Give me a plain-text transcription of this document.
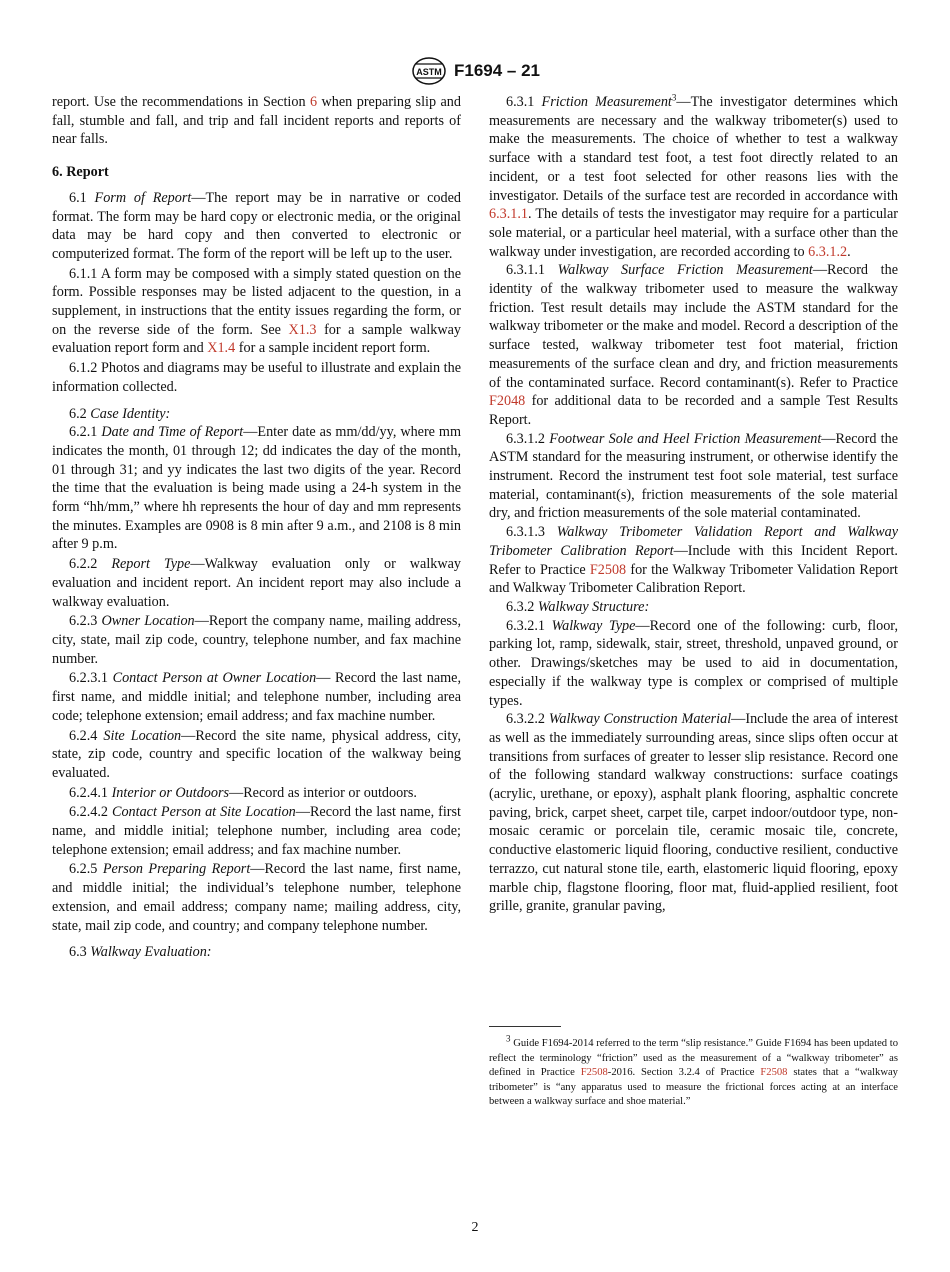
ASTM F1694 – 21

report. Use the recommendations in Section 6 when preparing slip and fall, stumble and fall, and trip and fall incident reports and reports of near falls.

6. Report

6.1 Form of Report—The report may be in narrative or coded format. The form may be hard copy or electronic media, or the original data may be hard copy and then converted to electronic or computerized format. The form of the report will be left up to the user.

6.1.1 A form may be composed with a simply stated question on the form. Possible responses may be listed adjacent to the question, in a supplement, in instructions that the entity issues regarding the form, or on the reverse side of the form. See X1.3 for a sample walkway evaluation report form and X1.4 for a sample incident report form.

6.1.2 Photos and diagrams may be useful to illustrate and explain the information collected.

6.2 Case Identity:

6.2.1 Date and Time of Report—Enter date as mm/dd/yy, where mm indicates the month, 01 through 12; dd indicates the day of the month, 01 through 31; and yy indicates the last two digits of the year. Record the time that the evaluation is being made using a 24-h system in the form “hh/mm,” where hh represents the hour of day and mm represents the minutes. Examples are 0908 is 8 min after 9 a.m., and 2108 is 8 min after 9 p.m.

6.2.2 Report Type—Walkway evaluation only or walkway evaluation and incident report. An incident report may also include a walkway evaluation.

6.2.3 Owner Location—Report the company name, mailing address, city, state, mail zip code, country, telephone number, and fax machine number.

6.2.3.1 Contact Person at Owner Location— Record the last name, first name, and middle initial; and telephone number, including area code; telephone extension; email address; and fax machine number.

6.2.4 Site Location—Record the site name, physical address, city, state, zip code, country and specific location of the walkway being evaluated.

6.2.4.1 Interior or Outdoors—Record as interior or outdoors.

6.2.4.2 Contact Person at Site Location—Record the last name, first name, and middle initial; telephone number, including area code; telephone extension; email address; and fax machine number.

6.2.5 Person Preparing Report—Record the last name, first name, and middle initial; the individual’s telephone number, telephone extension, and email address; company name; mailing address, city, state, mail zip code, and country; and company telephone number.

6.3 Walkway Evaluation:

6.3.1 Friction Measurement$^3$—The investigator determines which measurements are necessary and the walkway tribometer(s) used to make the measurements. The choice of whether to test a walkway surface with a standard test foot, a test foot directly related to an incident, or a test foot selected for other reasons lies with the investigator. Details of the surface test are recorded in accordance with 6.3.1.1. The details of tests the investigator may require for a particular sole material, or a particular heel material, with a surface other than the walkway under investigation, are recorded according to 6.3.1.2.

6.3.1.1 Walkway Surface Friction Measurement—Record the identity of the walkway tribometer used to measure the walkway friction. Test result details may include the ASTM standard for the walkway tribometer or the make and model. Record a description of the surface tested, walkway tribometer test foot material, friction measurements of the surface clean and dry, and friction measurements of the contaminated surface. Record contaminant(s). Refer to Practice F2048 for additional data to be recorded and a sample Test Results Report.

6.3.1.2 Footwear Sole and Heel Friction Measurement—Record the ASTM standard for the measuring instrument, or otherwise identify the instrument. Record the instrument test foot sole material, test surface material, contaminant(s), friction measurements of the sole material dry, and friction measurements of the sole material contaminated.

6.3.1.3 Walkway Tribometer Validation Report and Walkway Tribometer Calibration Report—Include with this Incident Report. Refer to Practice F2508 for the Walkway Tribometer Validation Report and Walkway Tribometer Calibration Report.

6.3.2 Walkway Structure:

6.3.2.1 Walkway Type—Record one of the following: curb, floor, parking lot, ramp, sidewalk, stair, street, threshold, unpaved ground, or other. Drawings/sketches may be used to aid in documentation, especially if the walkway type is complex or comprised of multiple types.

6.3.2.2 Walkway Construction Material—Include the area of interest as well as the immediately surrounding areas, since slips often occur at transitions from surfaces of greater to lesser slip resistance. Record one of the following standard walkway constructions: surface coatings (acrylic, urethane, or epoxy), asphalt plank flooring, asphaltic concrete paving, brick, carpet sheet, carpet tile, carpet indoor/outdoor type, non-mosaic ceramic or porcelain tile, ceramic mosaic tile, concrete, conductive elastomeric liquid flooring, conductive resilient, conductive terrazzo, cut natural stone tile, earth, elastomeric liquid flooring, epoxy marble chip, flagstone flooring, floor mat, fluid-applied resilient, foot grille, granite, granular paving,

$^3$ Guide F1694-2014 referred to the term “slip resistance.” Guide F1694 has been updated to reflect the terminology “friction” used as the measurement of a “walkway tribometer” as defined in Practice F2508-2016. Section 3.2.4 of Practice F2508 states that a “walkway tribometer” is “any apparatus used to measure the frictional forces acting at an interface between a walkway surface and shoe material.”
2
